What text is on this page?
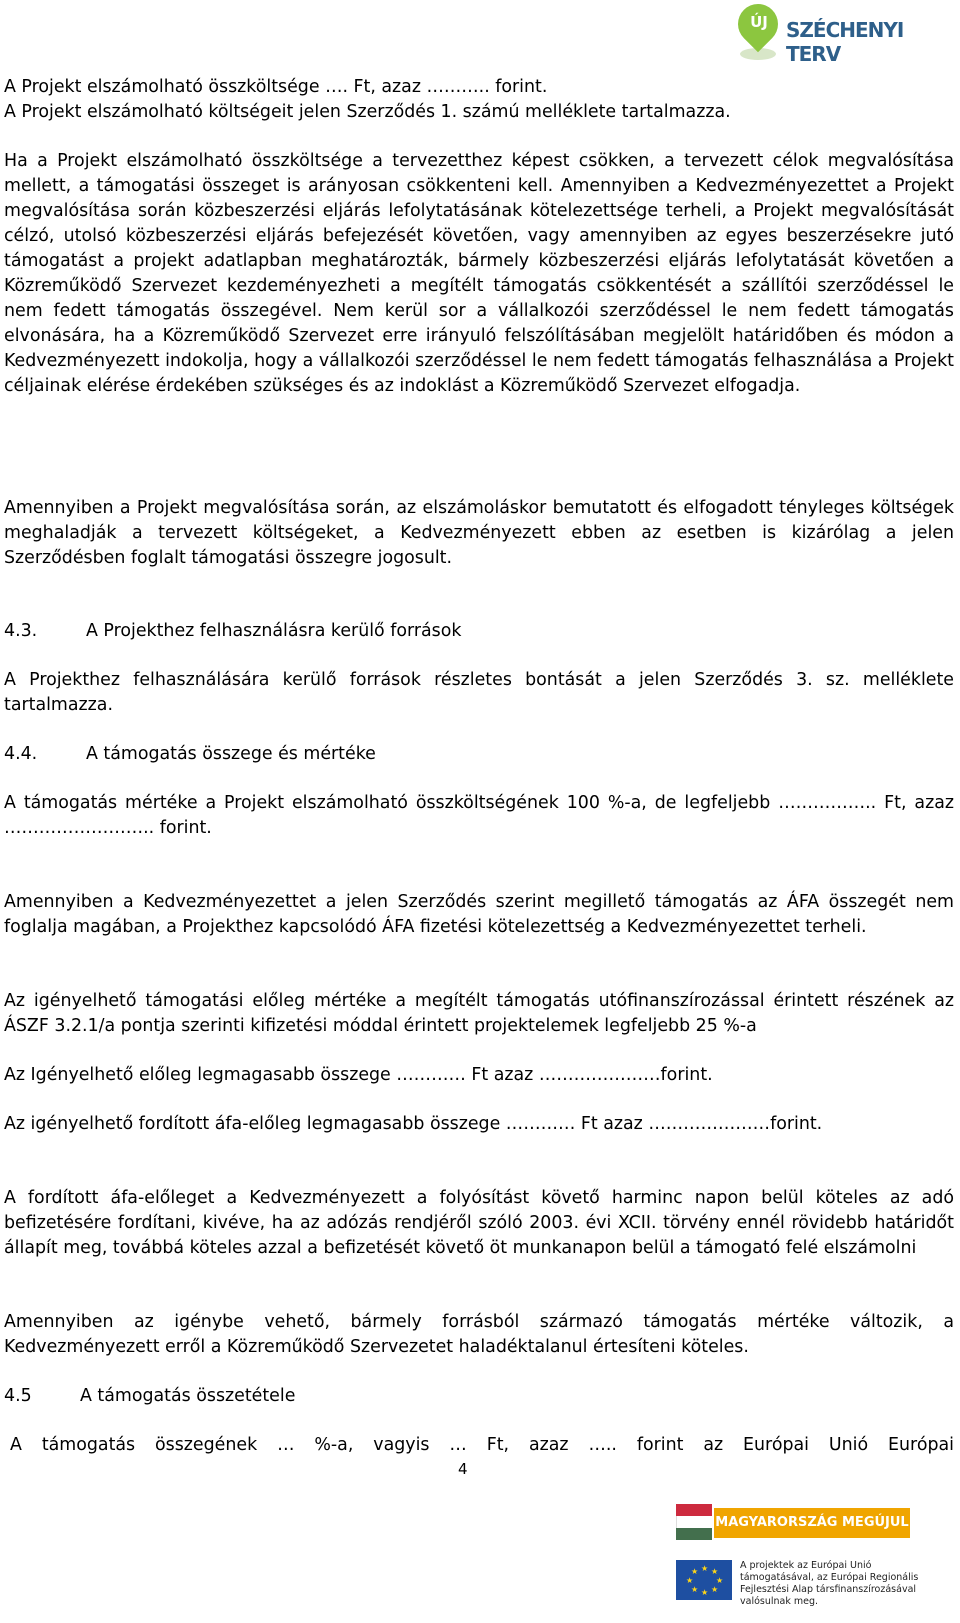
ÚJ SZÉCHENYI TERV

A Projekt elszámolható összköltsége …. Ft, azaz ……….. forint.

A Projekt elszámolható költségeit jelen Szerződés 1. számú melléklete tartalmazza.

Ha a Projekt elszámolható összköltsége a tervezetthez képest csökken, a tervezett célok megvalósítása mellett, a támogatási összeget is arányosan csökkenteni kell. Amennyiben a Kedvezményezettet a Projekt megvalósítása során közbeszerzési eljárás lefolytatásának kötelezettsége terheli, a Projekt megvalósítását célzó, utolsó közbeszerzési eljárás befejezését követően, vagy amennyiben az egyes beszerzésekre jutó támogatást a projekt adatlapban meghatározták, bármely közbeszerzési eljárás lefolytatását követően a Közreműködő Szervezet kezdeményezheti a megítélt támogatás csökkentését a szállítói szerződéssel le nem fedett támogatás összegével. Nem kerül sor a vállalkozói szerződéssel le nem fedett támogatás elvonására, ha a Közreműködő Szervezet erre irányuló felszólításában megjelölt határidőben és módon a Kedvezményezett indokolja, hogy a vállalkozói szerződéssel le nem fedett támogatás felhasználása a Projekt céljainak elérése érdekében szükséges és az indoklást a Közreműködő Szervezet elfogadja.

Amennyiben a Projekt megvalósítása során, az elszámoláskor bemutatott és elfogadott tényleges költségek meghaladják a tervezett költségeket, a Kedvezményezett ebben az esetben is kizárólag a jelen Szerződésben foglalt támogatási összegre jogosult.

4.3.	A Projekthez felhasználásra kerülő források

A Projekthez felhasználására kerülő források részletes bontását a jelen Szerződés 3. sz. melléklete tartalmazza.

4.4.	A támogatás összege és mértéke

A támogatás mértéke a Projekt elszámolható összköltségének 100 %-a, de legfeljebb …………….. Ft, azaz …………………….. forint.

Amennyiben a Kedvezményezettet a jelen Szerződés szerint megillető támogatás az ÁFA összegét nem foglalja magában, a Projekthez kapcsolódó ÁFA fizetési kötelezettség a Kedvezményezettet terheli.

Az igényelhető támogatási előleg mértéke a megítélt támogatás utófinanszírozással érintett részének az ÁSZF 3.2.1/a pontja szerinti kifizetési móddal érintett projektelemek legfeljebb 25 %-a

Az Igényelhető előleg legmagasabb összege ………… Ft azaz …………………forint.

Az igényelhető fordított áfa-előleg legmagasabb összege ………… Ft azaz …………………forint.

A fordított áfa-előleget a Kedvezményezett a folyósítást követő harminc napon belül köteles az adó befizetésére fordítani, kivéve, ha az adózás rendjéről szóló 2003. évi XCII. törvény ennél rövidebb határidőt állapít meg, továbbá köteles azzal a befizetését követő öt munkanapon belül a támogató felé elszámolni

Amennyiben az igénybe vehető, bármely forrásból származó támogatás mértéke változik, a Kedvezményezett erről a Közreműködő Szervezetet haladéktalanul értesíteni köteles.

4.5	A támogatás összetétele

A támogatás összegének … %-a, vagyis … Ft, azaz ….. forint az Európai Unió Európai

4
MAGYARORSZÁG MEGÚJUL
★ ★
★
★
★
★
★
★
A projektek az Európai Unió támogatásával, az Európai Regionális Fejlesztési Alap társfinanszírozásával valósulnak meg.
